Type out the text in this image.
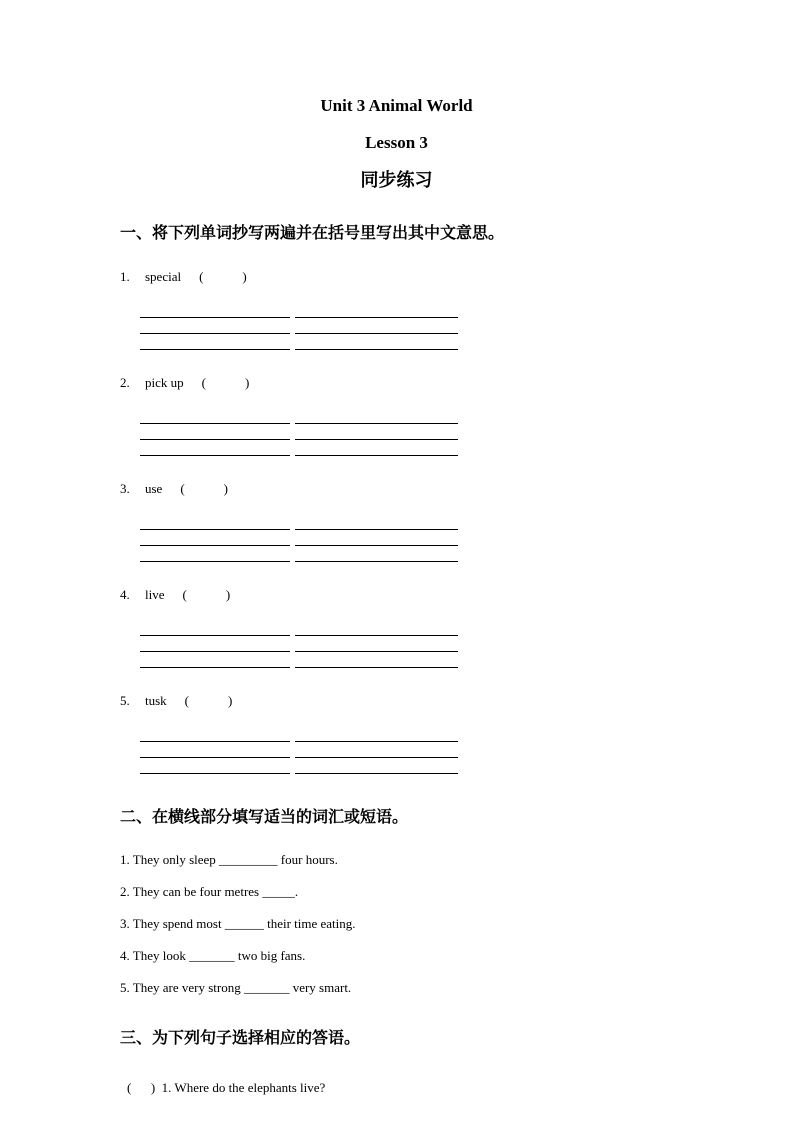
Unit 3 Animal World
Lesson 3
同步练习
一、将下列单词抄写两遍并在括号里写出其中文意思。
1. special (            )
2. pick up (            )
3. use (            )
4. live (            )
5. tusk (            )
二、在横线部分填写适当的词汇或短语。

1. They only sleep _________ four hours.

2. They can be four metres _____.

3. They spend most ______ their time eating.

4. They look _______ two big fans.

5. They are very strong _______ very smart.

三、为下列句子选择相应的答语。

(      )  1. Where do the elephants live?
